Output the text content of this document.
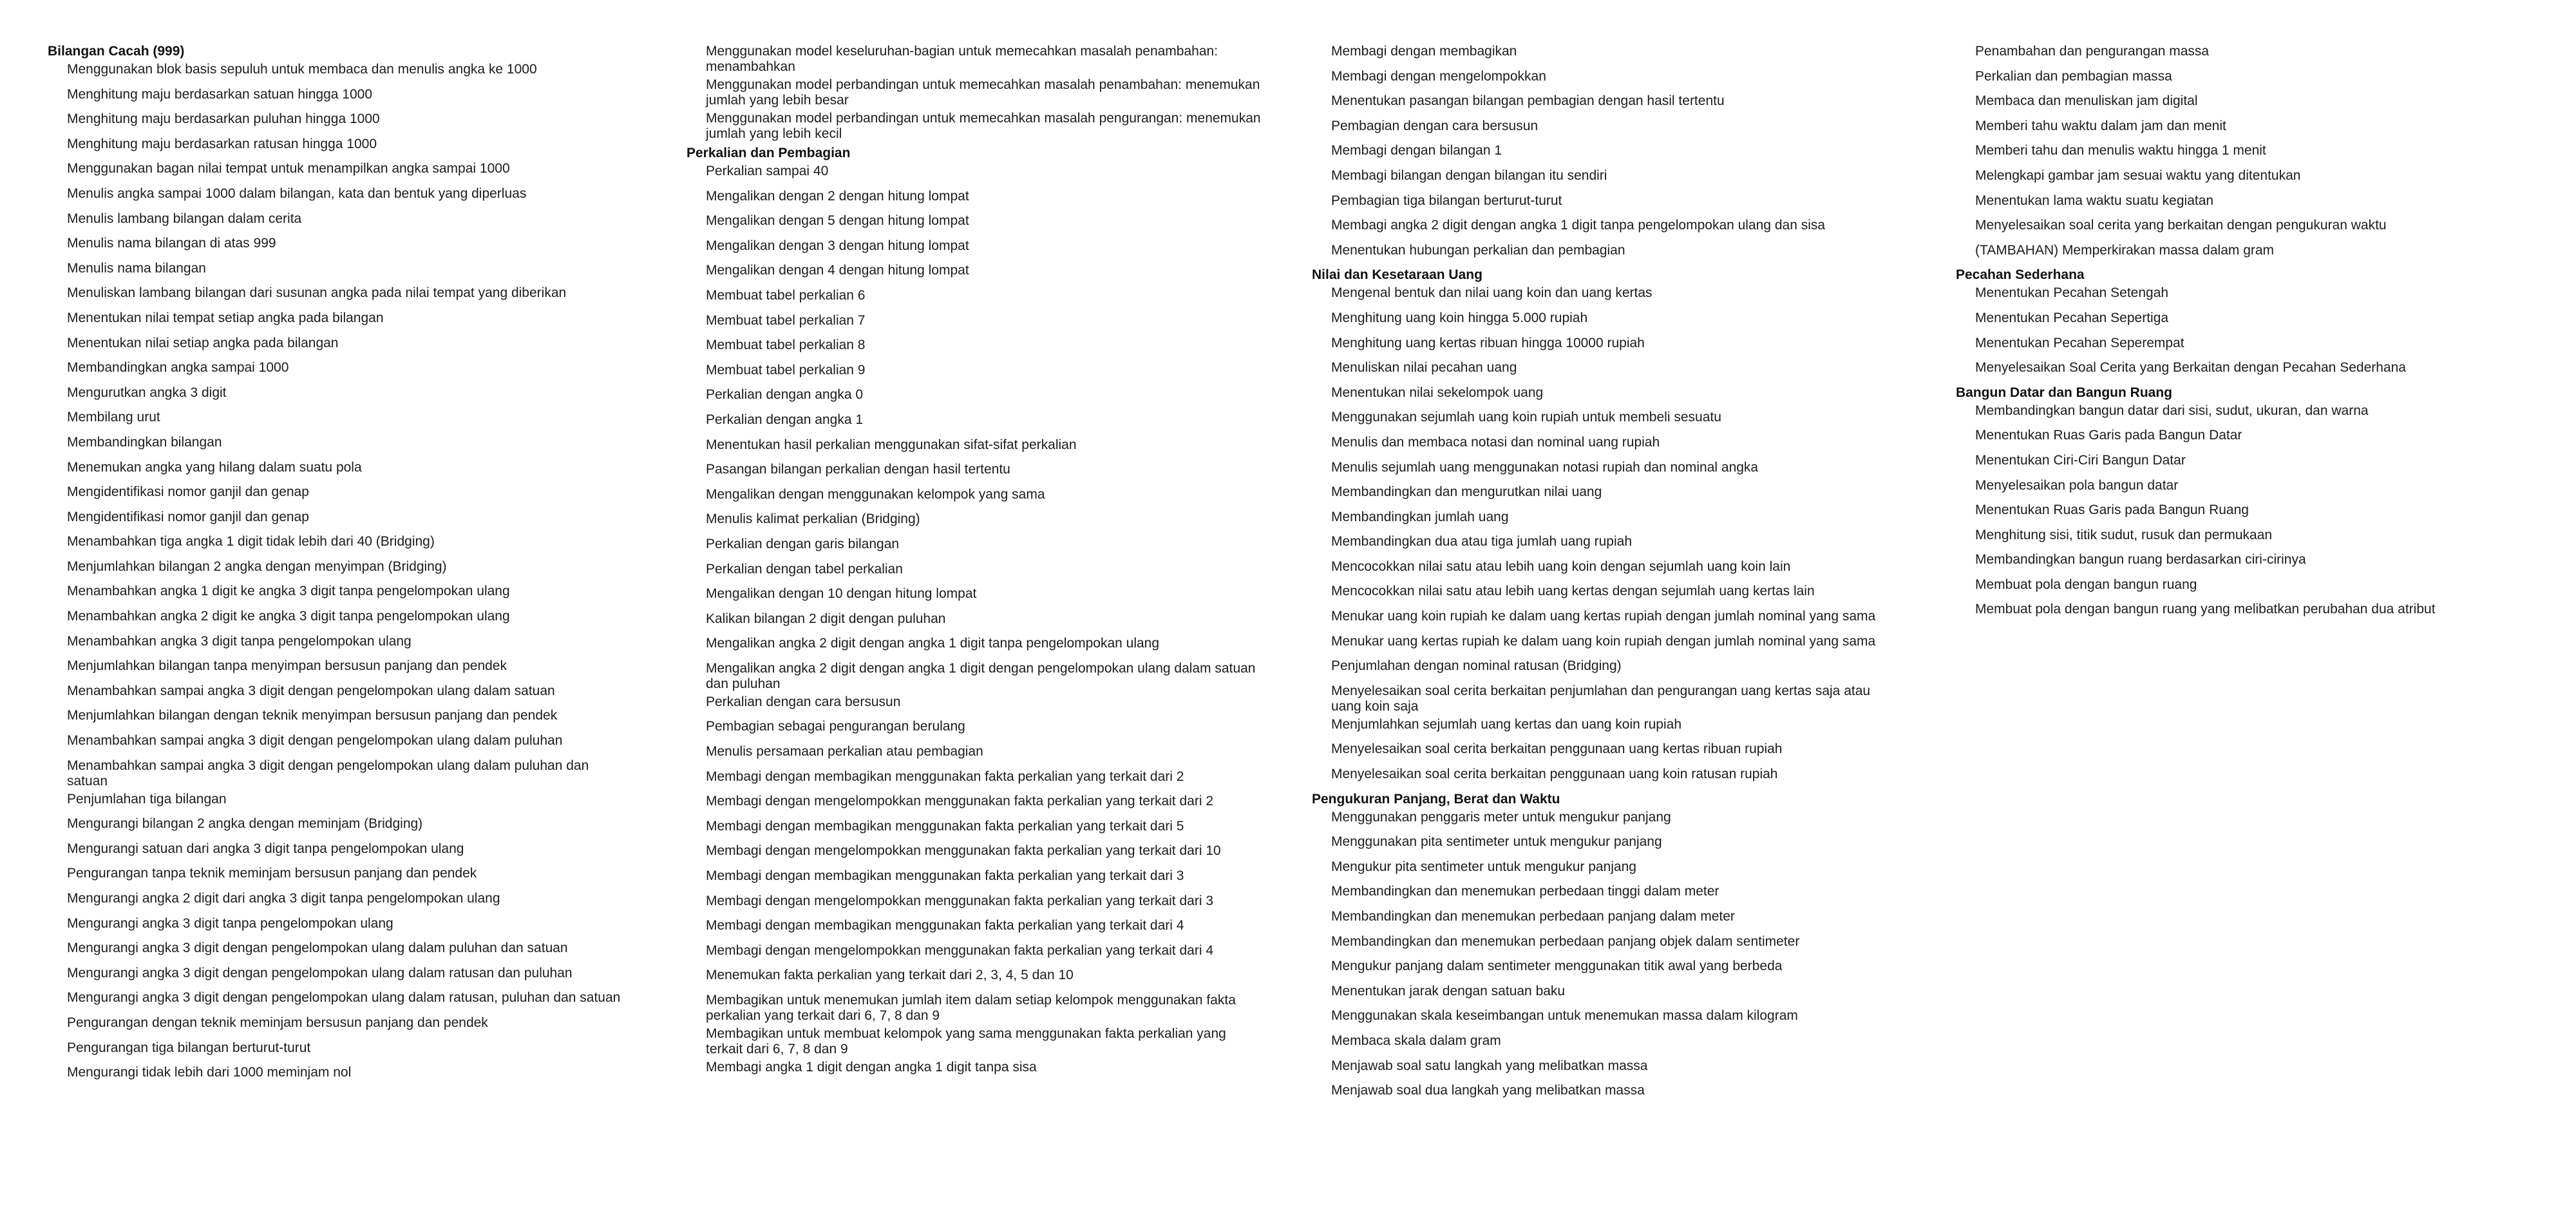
Bilangan Cacah (999)
Menggunakan blok basis sepuluh untuk membaca dan menulis angka ke 1000
Menghitung maju berdasarkan satuan hingga 1000
Menghitung maju berdasarkan puluhan hingga 1000
Menghitung maju berdasarkan ratusan hingga 1000
Menggunakan bagan nilai tempat untuk menampilkan angka sampai 1000
Menulis angka sampai 1000 dalam bilangan, kata dan bentuk yang diperluas
Menulis lambang bilangan dalam cerita
Menulis nama bilangan di atas 999
Menulis nama bilangan
Menuliskan lambang bilangan dari susunan angka pada nilai tempat yang diberikan
Menentukan nilai tempat setiap angka pada bilangan
Menentukan nilai setiap angka pada bilangan
Membandingkan angka sampai 1000
Mengurutkan angka 3 digit
Membilang urut
Membandingkan bilangan
Menemukan angka yang hilang dalam suatu pola
Mengidentifikasi nomor ganjil dan genap
Mengidentifikasi nomor ganjil dan genap
Menambahkan tiga angka 1 digit tidak lebih dari 40 (Bridging)
Menjumlahkan bilangan 2 angka dengan menyimpan (Bridging)
Menambahkan angka 1 digit ke angka 3 digit tanpa pengelompokan ulang
Menambahkan angka 2 digit ke angka 3 digit tanpa pengelompokan ulang
Menambahkan angka 3 digit tanpa pengelompokan ulang
Menjumlahkan bilangan tanpa menyimpan bersusun panjang dan pendek
Menambahkan sampai angka 3 digit dengan pengelompokan ulang dalam satuan
Menjumlahkan bilangan dengan teknik menyimpan bersusun panjang dan pendek
Menambahkan sampai angka 3 digit dengan pengelompokan ulang dalam puluhan
Menambahkan sampai angka 3 digit dengan pengelompokan ulang dalam puluhan dan satuan
Penjumlahan tiga bilangan
Mengurangi bilangan 2 angka dengan meminjam (Bridging)
Mengurangi satuan dari angka 3 digit tanpa pengelompokan ulang
Pengurangan tanpa teknik meminjam bersusun panjang dan pendek
Mengurangi angka 2 digit dari angka 3 digit tanpa pengelompokan ulang
Mengurangi angka 3 digit tanpa pengelompokan ulang
Mengurangi angka 3 digit dengan pengelompokan ulang dalam puluhan dan satuan
Mengurangi angka 3 digit dengan pengelompokan ulang dalam ratusan dan puluhan
Mengurangi angka 3 digit dengan pengelompokan ulang dalam ratusan, puluhan dan satuan
Pengurangan dengan teknik meminjam bersusun panjang dan pendek
Pengurangan tiga bilangan berturut-turut
Mengurangi tidak lebih dari 1000 meminjam nol
Menggunakan model keseluruhan-bagian untuk memecahkan masalah penambahan: menambahkan
Menggunakan model perbandingan untuk memecahkan masalah penambahan: menemukan jumlah yang lebih besar
Menggunakan model perbandingan untuk memecahkan masalah pengurangan: menemukan jumlah yang lebih kecil
Perkalian dan Pembagian
Perkalian sampai 40
Mengalikan dengan 2 dengan hitung lompat
Mengalikan dengan 5 dengan hitung lompat
Mengalikan dengan 3 dengan hitung lompat
Mengalikan dengan 4 dengan hitung lompat
Membuat tabel perkalian 6
Membuat tabel perkalian 7
Membuat tabel perkalian 8
Membuat tabel perkalian 9
Perkalian dengan angka 0
Perkalian dengan angka 1
Menentukan hasil perkalian menggunakan sifat-sifat perkalian
Pasangan bilangan perkalian dengan hasil tertentu
Mengalikan dengan menggunakan kelompok yang sama
Menulis kalimat perkalian (Bridging)
Perkalian dengan garis bilangan
Perkalian dengan tabel perkalian
Mengalikan dengan 10 dengan hitung lompat
Kalikan bilangan 2 digit dengan puluhan
Mengalikan angka 2 digit dengan angka 1 digit tanpa pengelompokan ulang
Mengalikan angka 2 digit dengan angka 1 digit dengan pengelompokan ulang dalam satuan dan puluhan
Perkalian dengan cara bersusun
Pembagian sebagai pengurangan berulang
Menulis persamaan perkalian atau pembagian
Membagi dengan membagikan menggunakan fakta perkalian yang terkait dari 2
Membagi dengan mengelompokkan menggunakan fakta perkalian yang terkait dari 2
Membagi dengan membagikan menggunakan fakta perkalian yang terkait dari 5
Membagi dengan mengelompokkan menggunakan fakta perkalian yang terkait dari 10
Membagi dengan membagikan menggunakan fakta perkalian yang terkait dari 3
Membagi dengan mengelompokkan menggunakan fakta perkalian yang terkait dari 3
Membagi dengan membagikan menggunakan fakta perkalian yang terkait dari 4
Membagi dengan mengelompokkan menggunakan fakta perkalian yang terkait dari 4
Menemukan fakta perkalian yang terkait dari 2, 3, 4, 5 dan 10
Membagikan untuk menemukan jumlah item dalam setiap kelompok menggunakan fakta perkalian yang terkait dari 6, 7, 8 dan 9
Membagikan untuk membuat kelompok yang sama menggunakan fakta perkalian yang terkait dari 6, 7, 8 dan 9
Membagi angka 1 digit dengan angka 1 digit tanpa sisa
Membagi dengan membagikan
Membagi dengan mengelompokkan
Menentukan pasangan bilangan pembagian dengan hasil tertentu
Pembagian dengan cara bersusun
Membagi dengan bilangan 1
Membagi bilangan dengan bilangan itu sendiri
Pembagian tiga bilangan berturut-turut
Membagi angka 2 digit dengan angka 1 digit tanpa pengelompokan ulang dan sisa
Menentukan hubungan perkalian dan pembagian
Nilai dan Kesetaraan Uang
Mengenal bentuk dan nilai uang koin dan uang kertas
Menghitung uang koin hingga 5.000 rupiah
Menghitung uang kertas ribuan hingga 10000 rupiah
Menuliskan nilai pecahan uang
Menentukan nilai sekelompok uang
Menggunakan sejumlah uang koin rupiah untuk membeli sesuatu
Menulis dan membaca notasi dan nominal uang rupiah
Menulis sejumlah uang menggunakan notasi rupiah dan nominal angka
Membandingkan dan mengurutkan nilai uang
Membandingkan jumlah uang
Membandingkan dua atau tiga jumlah uang rupiah
Mencocokkan nilai satu atau lebih uang koin dengan sejumlah uang koin lain
Mencocokkan nilai satu atau lebih uang kertas dengan sejumlah uang kertas lain
Menukar uang koin rupiah ke dalam uang kertas rupiah dengan jumlah nominal yang sama
Menukar uang kertas rupiah ke dalam uang koin rupiah dengan jumlah nominal yang sama
Penjumlahan dengan nominal ratusan (Bridging)
Menyelesaikan soal cerita berkaitan penjumlahan dan pengurangan uang kertas saja atau uang koin saja
Menjumlahkan sejumlah uang kertas dan uang koin rupiah
Menyelesaikan soal cerita berkaitan penggunaan uang kertas ribuan rupiah
Menyelesaikan soal cerita berkaitan penggunaan uang koin ratusan rupiah
Pengukuran Panjang, Berat dan Waktu
Menggunakan penggaris meter untuk mengukur panjang
Menggunakan pita sentimeter untuk mengukur panjang
Mengukur pita sentimeter untuk mengukur panjang
Membandingkan dan menemukan perbedaan tinggi dalam meter
Membandingkan dan menemukan perbedaan panjang dalam meter
Membandingkan dan menemukan perbedaan panjang objek dalam sentimeter
Mengukur panjang dalam sentimeter menggunakan titik awal yang berbeda
Menentukan jarak dengan satuan baku
Menggunakan skala keseimbangan untuk menemukan massa dalam kilogram
Membaca skala dalam gram
Menjawab soal satu langkah yang melibatkan massa
Menjawab soal dua langkah yang melibatkan massa
Penambahan dan pengurangan massa
Perkalian dan pembagian massa
Membaca dan menuliskan jam digital
Memberi tahu waktu dalam jam dan menit
Memberi tahu dan menulis waktu hingga 1 menit
Melengkapi gambar jam sesuai waktu yang ditentukan
Menentukan lama waktu suatu kegiatan
Menyelesaikan soal cerita yang berkaitan dengan pengukuran waktu
(TAMBAHAN) Memperkirakan massa dalam gram
Pecahan Sederhana
Menentukan Pecahan Setengah
Menentukan Pecahan Sepertiga
Menentukan Pecahan Seperempat
Menyelesaikan Soal Cerita yang Berkaitan dengan Pecahan Sederhana
Bangun Datar dan Bangun Ruang
Membandingkan bangun datar dari sisi, sudut, ukuran, dan warna
Menentukan Ruas Garis pada Bangun Datar
Menentukan Ciri-Ciri Bangun Datar
Menyelesaikan pola bangun datar
Menentukan Ruas Garis pada Bangun Ruang
Menghitung sisi, titik sudut, rusuk dan permukaan
Membandingkan bangun ruang berdasarkan ciri-cirinya
Membuat pola dengan bangun ruang
Membuat pola dengan bangun ruang yang melibatkan perubahan dua atribut
